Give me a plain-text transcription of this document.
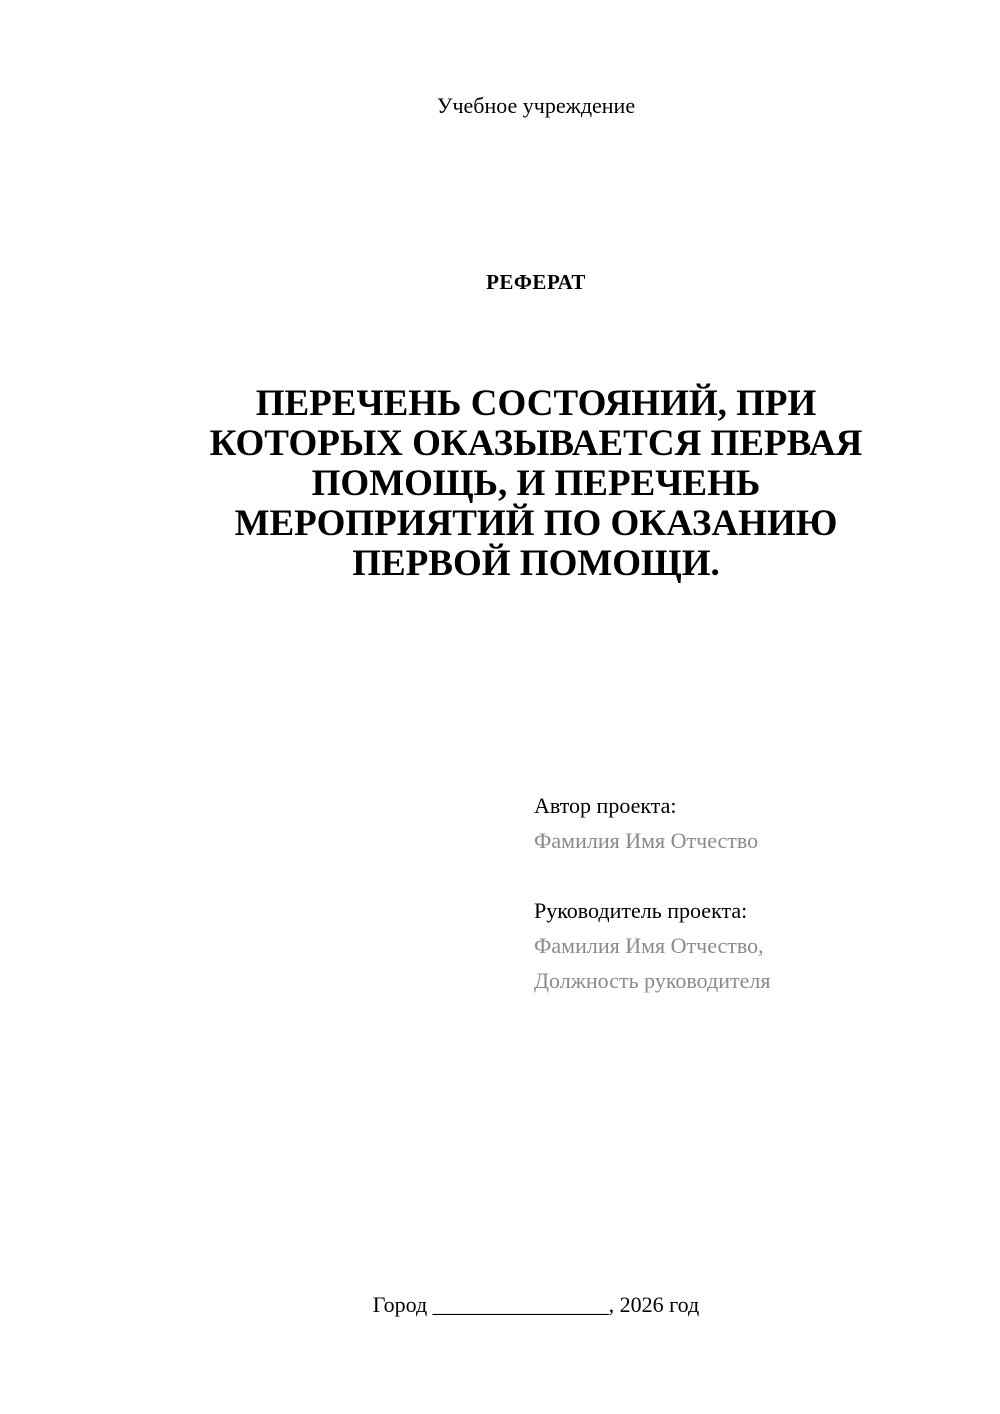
Учебное учреждение
РЕФЕРАТ
ПЕРЕЧЕНЬ СОСТОЯНИЙ, ПРИ
КОТОРЫХ ОКАЗЫВАЕТСЯ ПЕРВАЯ
ПОМОЩЬ, И ПЕРЕЧЕНЬ
МЕРОПРИЯТИЙ ПО ОКАЗАНИЮ
ПЕРВОЙ ПОМОЩИ.
Автор проекта:
Фамилия Имя Отчество
Руководитель проекта:
Фамилия Имя Отчество,
Должность руководителя
Город ________________, 2026 год
